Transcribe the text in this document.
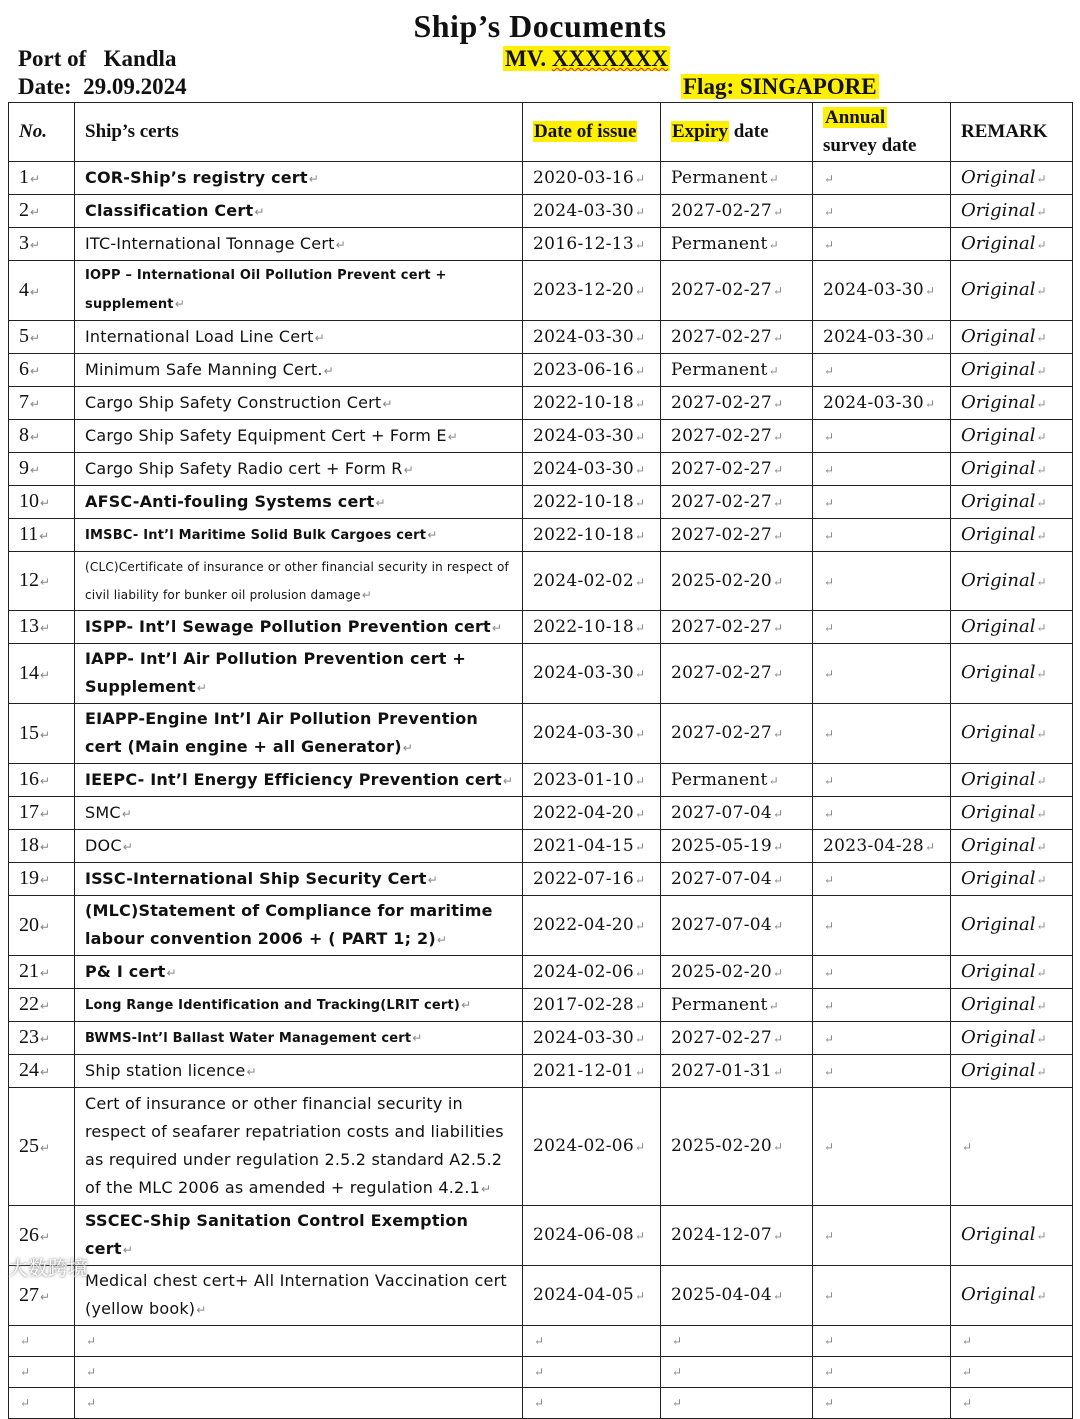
Ship’s Documents
Port of Kandla
Date: 29.09.2024
MV. XXXXXXX
Flag: SINGAPORE
No.	Ship’s certs	Date of issue	Expiry date	Annual survey date	REMARK
1↵	COR-Ship’s registry cert↵	2020-03-16↵	Permanent↵	↵	Original↵
2↵	Classification Cert↵	2024-03-30↵	2027-02-27↵	↵	Original↵
3↵	ITC-International Tonnage Cert↵	2016-12-13↵	Permanent↵	↵	Original↵
4↵	IOPP – International Oil Pollution Prevent cert + supplement↵	2023-12-20↵	2027-02-27↵	2024-03-30↵	Original↵
5↵	International Load Line Cert↵	2024-03-30↵	2027-02-27↵	2024-03-30↵	Original↵
6↵	Minimum Safe Manning Cert.↵	2023-06-16↵	Permanent↵	↵	Original↵
7↵	Cargo Ship Safety Construction Cert↵	2022-10-18↵	2027-02-27↵	2024-03-30↵	Original↵
8↵	Cargo Ship Safety Equipment Cert + Form E↵	2024-03-30↵	2027-02-27↵	↵	Original↵
9↵	Cargo Ship Safety Radio cert + Form R↵	2024-03-30↵	2027-02-27↵	↵	Original↵
10↵	AFSC-Anti-fouling Systems cert↵	2022-10-18↵	2027-02-27↵	↵	Original↵
11↵	IMSBC- Int’l Maritime Solid Bulk Cargoes cert↵	2022-10-18↵	2027-02-27↵	↵	Original↵
12↵	(CLC)Certificate of insurance or other financial security in respect of civil liability for bunker oil prolusion damage↵	2024-02-02↵	2025-02-20↵	↵	Original↵
13↵	ISPP- Int’l Sewage Pollution Prevention cert↵	2022-10-18↵	2027-02-27↵	↵	Original↵
14↵	IAPP- Int’l Air Pollution Prevention cert + Supplement↵	2024-03-30↵	2027-02-27↵	↵	Original↵
15↵	EIAPP-Engine Int’l Air Pollution Prevention cert (Main engine + all Generator)↵	2024-03-30↵	2027-02-27↵	↵	Original↵
16↵	IEEPC- Int’l Energy Efficiency Prevention cert↵	2023-01-10↵	Permanent↵	↵	Original↵
17↵	SMC↵	2022-04-20↵	2027-07-04↵	↵	Original↵
18↵	DOC↵	2021-04-15↵	2025-05-19↵	2023-04-28↵	Original↵
19↵	ISSC-International Ship Security Cert↵	2022-07-16↵	2027-07-04↵	↵	Original↵
20↵	(MLC)Statement of Compliance for maritime labour convention 2006 + ( PART 1; 2)↵	2022-04-20↵	2027-07-04↵	↵	Original↵
21↵	P& I cert↵	2024-02-06↵	2025-02-20↵	↵	Original↵
22↵	Long Range Identification and Tracking(LRIT cert)↵	2017-02-28↵	Permanent↵	↵	Original↵
23↵	BWMS-Int’l Ballast Water Management cert↵	2024-03-30↵	2027-02-27↵	↵	Original↵
24↵	Ship station licence↵	2021-12-01↵	2027-01-31↵	↵	Original↵
25↵	Cert of insurance or other financial security in respect of seafarer repatriation costs and liabilities as required under regulation 2.5.2 standard A2.5.2 of the MLC 2006 as amended + regulation 4.2.1↵	2024-02-06↵	2025-02-20↵	↵	↵
26↵	SSCEC-Ship Sanitation Control Exemption cert↵	2024-06-08↵	2024-12-07↵	↵	Original↵
27↵	Medical chest cert+ All Internation Vaccination cert (yellow book)↵	2024-04-05↵	2025-04-04↵	↵	Original↵
↵	↵	↵	↵	↵	↵
↵	↵	↵	↵	↵	↵
↵	↵	↵	↵	↵	↵
大数跨境
